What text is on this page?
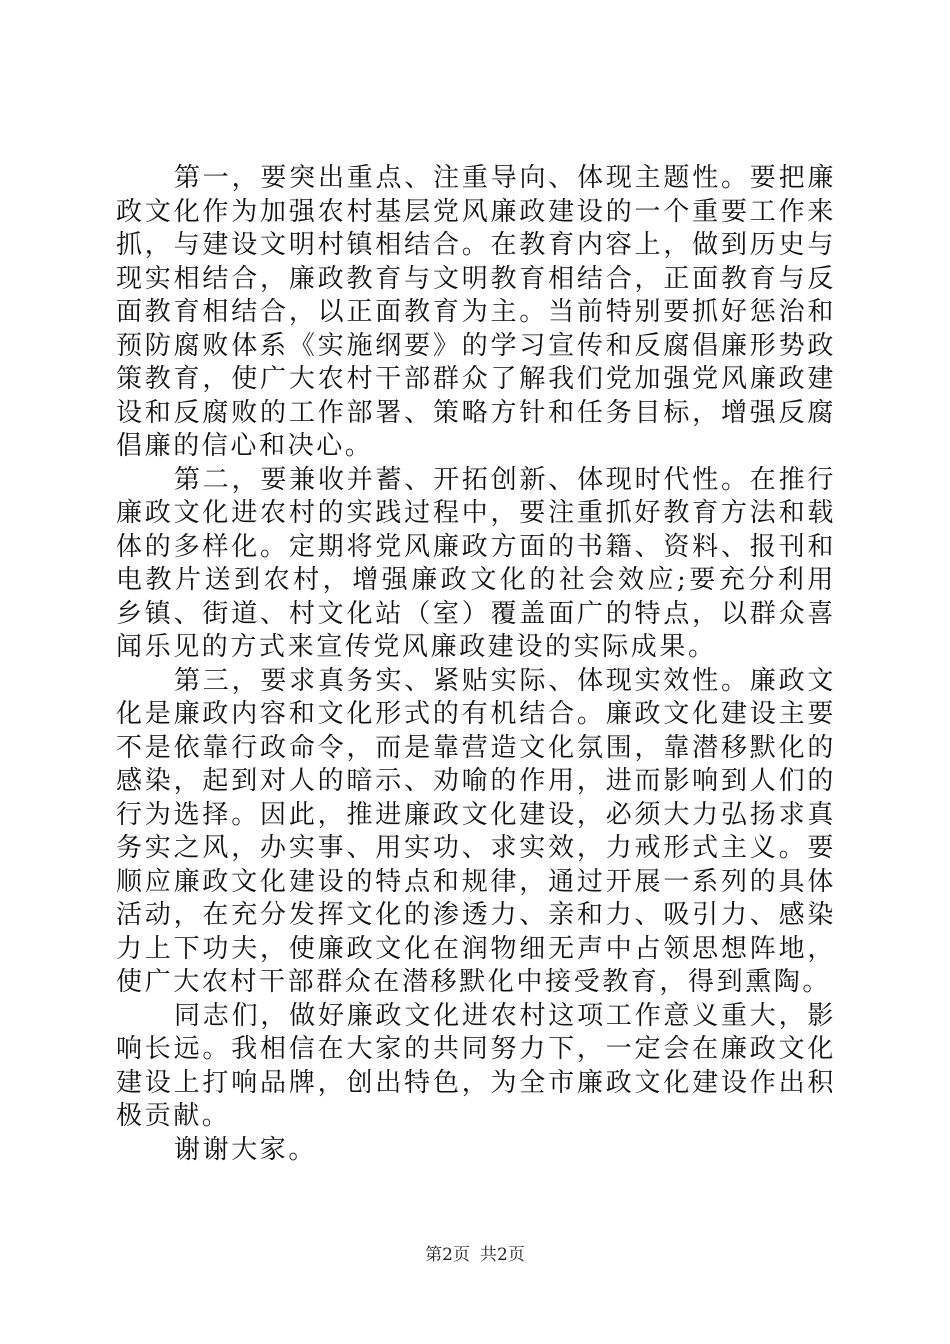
第一，要突出重点、注重导向、体现主题性。要把廉政文化作为加强农村基层党风廉政建设的一个重要工作来抓，与建设文明村镇相结合。在教育内容上，做到历史与现实相结合，廉政教育与文明教育相结合，正面教育与反面教育相结合，以正面教育为主。当前特别要抓好惩治和预防腐败体系《实施纲要》的学习宣传和反腐倡廉形势政策教育，使广大农村干部群众了解我们党加强党风廉政建设和反腐败的工作部署、策略方针和任务目标，增强反腐倡廉的信心和决心。

第二，要兼收并蓄、开拓创新、体现时代性。在推行廉政文化进农村的实践过程中，要注重抓好教育方法和载体的多样化。定期将党风廉政方面的书籍、资料、报刊和电教片送到农村，增强廉政文化的社会效应;要充分利用乡镇、街道、村文化站（室）覆盖面广的特点，以群众喜闻乐见的方式来宣传党风廉政建设的实际成果。

第三，要求真务实、紧贴实际、体现实效性。廉政文化是廉政内容和文化形式的有机结合。廉政文化建设主要不是依靠行政命令，而是靠营造文化氛围，靠潜移默化的感染，起到对人的暗示、劝喻的作用，进而影响到人们的行为选择。因此，推进廉政文化建设，必须大力弘扬求真务实之风，办实事、用实功、求实效，力戒形式主义。要顺应廉政文化建设的特点和规律，通过开展一系列的具体活动，在充分发挥文化的渗透力、亲和力、吸引力、感染力上下功夫，使廉政文化在润物细无声中占领思想阵地，使广大农村干部群众在潜移默化中接受教育，得到熏陶。

同志们，做好廉政文化进农村这项工作意义重大，影响长远。我相信在大家的共同努力下，一定会在廉政文化建设上打响品牌，创出特色，为全市廉政文化建设作出积极贡献。

谢谢大家。

第2页 共2页
